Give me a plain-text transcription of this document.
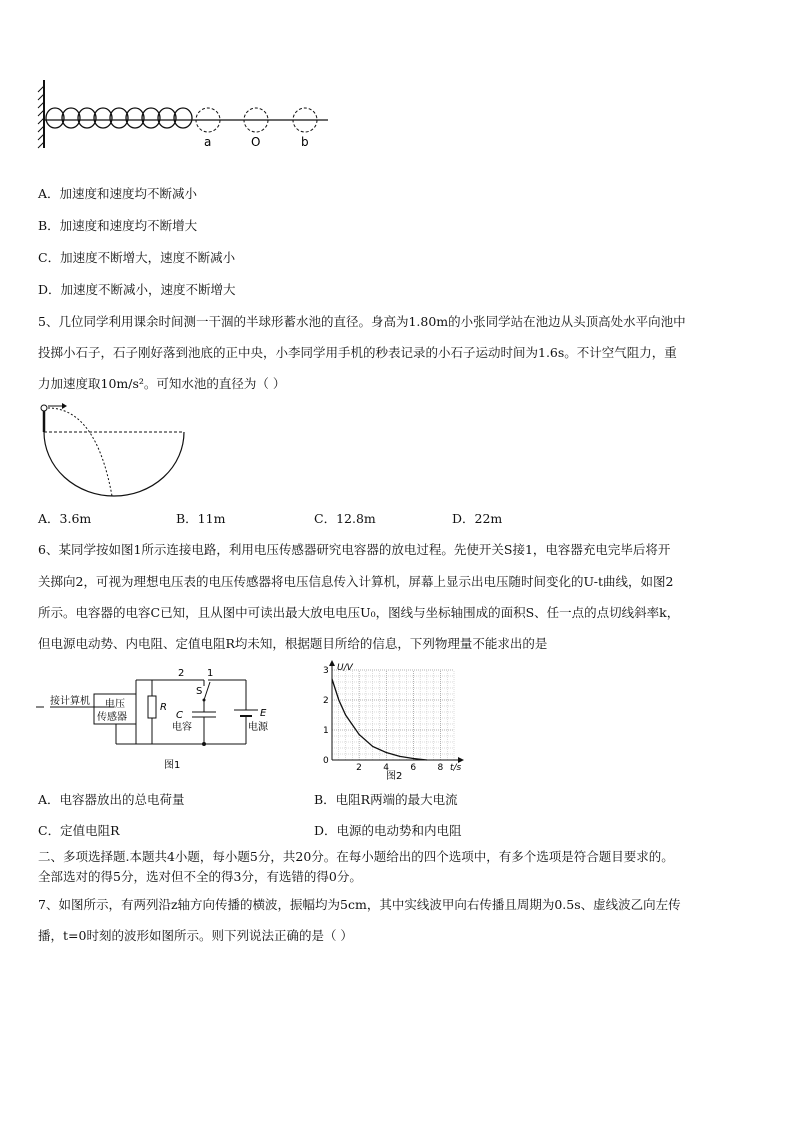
a	O	b
A．加速度和速度均不断减小
B．加速度和速度均不断增大
C．加速度不断增大，速度不断减小
D．加速度不断减小，速度不断增大
5、几位同学利用课余时间测一干涸的半球形蓄水池的直径。身高为1.80m的小张同学站在池边从头顶高处水平向池中
投掷小石子，石子刚好落到池底的正中央，小李同学用手机的秒表记录的小石子运动时间为1.6s。不计空气阻力，重
力加速度取10m/s²。可知水池的直径为（ ）
A．3.6m	B．11m	C．12.8m	D．22m
6、某同学按如图1所示连接电路，利用电压传感器研究电容器的放电过程。先使开关S接1，电容器充电完毕后将开
关掷向2，可视为理想电压表的电压传感器将电压信息传入计算机，屏幕上显示出电压随时间变化的U-t曲线，如图2
所示。电容器的电容C已知，且从图中可读出最大放电电压U₀，图线与坐标轴围成的面积S、任一点的点切线斜率k，
但电源电动势、内电阻、定值电阻R均未知，根据题目所给的信息，下列物理量不能求出的是
接计算机 电压
传感器
R
2 1
S
C
电容
E
电源
图1
U/V
t/s
0
1
2
3
2 4 6 8
图2
A．电容器放出的总电荷量	B．电阻R两端的最大电流
C．定值电阻R	D．电源的电动势和内电阻
二、多项选择题.本题共4小题，每小题5分，共20分。在每小题给出的四个选项中，有多个选项是符合题目要求的。
全部选对的得5分，选对但不全的得3分，有选错的得0分。
7、如图所示，有两列沿z轴方向传播的横波，振幅均为5cm，其中实线波甲向右传播且周期为0.5s、虚线波乙向左传
播，t=0时刻的波形如图所示。则下列说法正确的是（ ）
